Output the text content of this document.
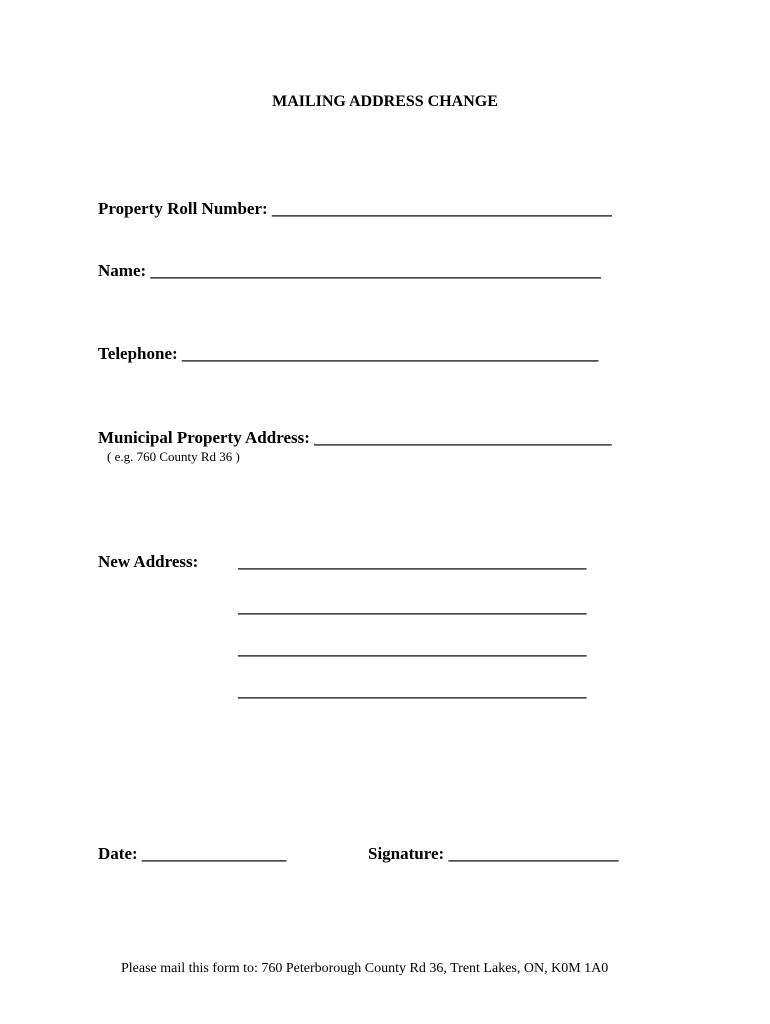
MAILING ADDRESS CHANGE
Property Roll Number: ________________________________________
Name: _____________________________________________________
Telephone: _________________________________________________
Municipal Property Address: ___________________________________
( e.g. 760 County Rd 36 )
New Address: _________________________________________
_________________________________________
_________________________________________
_________________________________________
Date: _________________	Signature: ____________________
Please mail this form to: 760 Peterborough County Rd 36, Trent Lakes, ON, K0M 1A0
